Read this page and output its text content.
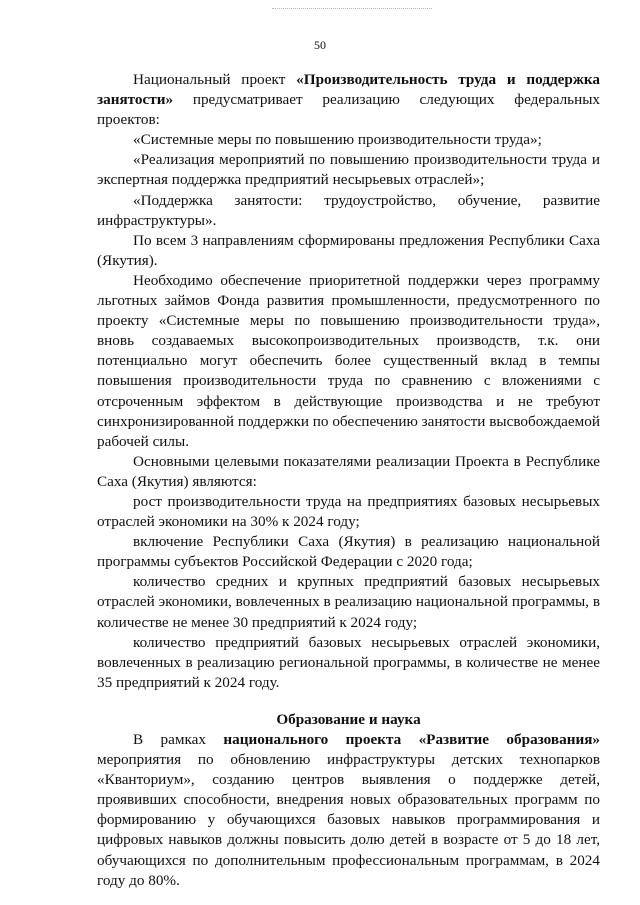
50

Национальный проект «Производительность труда и поддержка занятости» предусматривает реализацию следующих федеральных проектов:

«Системные меры по повышению производительности труда»;

«Реализация мероприятий по повышению производительности труда и экспертная поддержка предприятий несырьевых отраслей»;

«Поддержка занятости: трудоустройство, обучение, развитие инфраструктуры».

По всем 3 направлениям сформированы предложения Республики Саха (Якутия).

Необходимо обеспечение приоритетной поддержки через программу льготных займов Фонда развития промышленности, предусмотренного по проекту «Системные меры по повышению производительности труда», вновь создаваемых высокопроизводительных производств, т.к. они потенциально могут обеспечить более существенный вклад в темпы повышения производительности труда по сравнению с вложениями с отсроченным эффектом в действующие производства и не требуют синхронизированной поддержки по обеспечению занятости высвобождаемой рабочей силы.

Основными целевыми показателями реализации Проекта в Республике Саха (Якутия) являются:

рост производительности труда на предприятиях базовых несырьевых отраслей экономики на 30% к 2024 году;

включение Республики Саха (Якутия) в реализацию национальной программы субъектов Российской Федерации с 2020 года;

количество средних и крупных предприятий базовых несырьевых отраслей экономики, вовлеченных в реализацию национальной программы, в количестве не менее 30 предприятий к 2024 году;

количество предприятий базовых несырьевых отраслей экономики, вовлеченных в реализацию региональной программы, в количестве не менее 35 предприятий к 2024 году.

Образование и наука

В рамках национального проекта «Развитие образования» мероприятия по обновлению инфраструктуры детских технопарков «Кванториум», созданию центров выявления о поддержке детей, проявивших способности, внедрения новых образовательных программ по формированию у обучающихся базовых навыков программирования и цифровых навыков должны повысить долю детей в возрасте от 5 до 18 лет, обучающихся по дополнительным профессиональным программам, в 2024 году до 80%.
